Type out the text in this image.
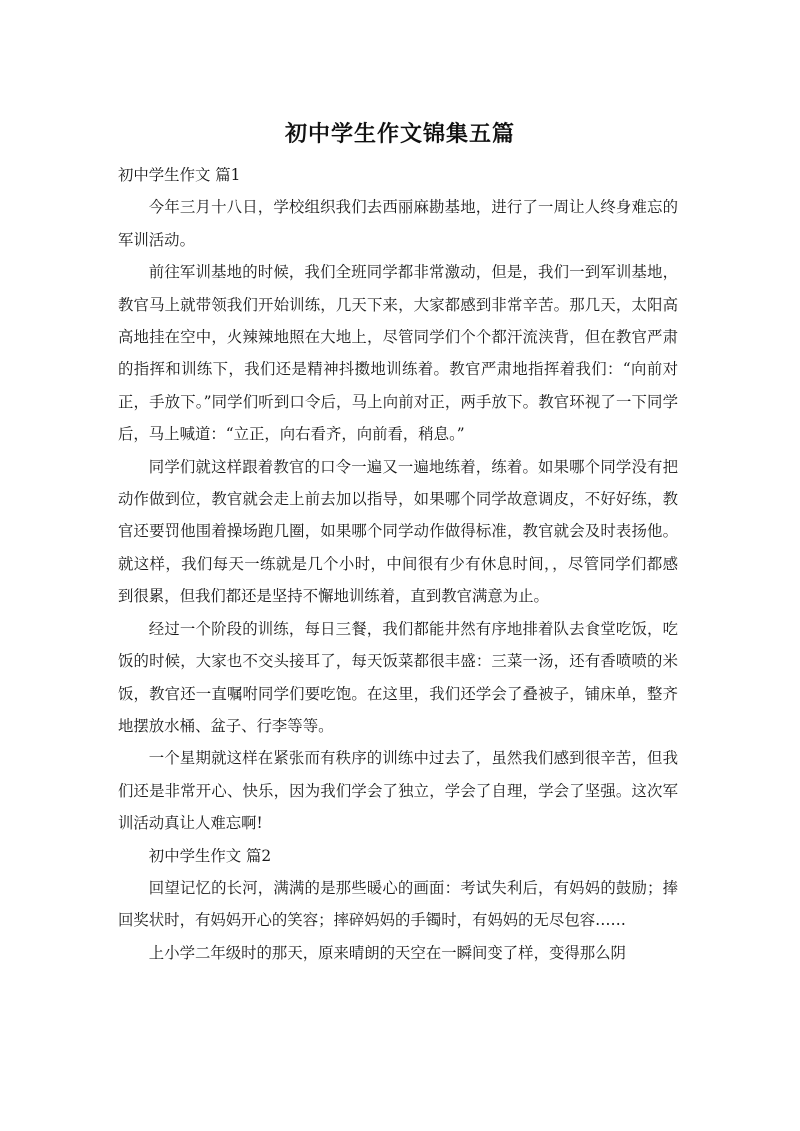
初中学生作文锦集五篇

初中学生作文 篇1

今年三月十八日，学校组织我们去西丽麻勘基地，进行了一周让人终身难忘的军训活动。

前往军训基地的时候，我们全班同学都非常激动，但是，我们一到军训基地，教官马上就带领我们开始训练，几天下来，大家都感到非常辛苦。那几天，太阳高高地挂在空中，火辣辣地照在大地上，尽管同学们个个都汗流浃背，但在教官严肃的指挥和训练下，我们还是精神抖擞地训练着。教官严肃地指挥着我们：“向前对正，手放下。”同学们听到口令后，马上向前对正，两手放下。教官环视了一下同学后，马上喊道：“立正，向右看齐，向前看，稍息。”

同学们就这样跟着教官的口令一遍又一遍地练着，练着。如果哪个同学没有把动作做到位，教官就会走上前去加以指导，如果哪个同学故意调皮，不好好练，教官还要罚他围着操场跑几圈，如果哪个同学动作做得标准，教官就会及时表扬他。就这样，我们每天一练就是几个小时，中间很有少有休息时间，，尽管同学们都感到很累，但我们都还是坚持不懈地训练着，直到教官满意为止。

经过一个阶段的训练，每日三餐，我们都能井然有序地排着队去食堂吃饭，吃饭的时候，大家也不交头接耳了，每天饭菜都很丰盛：三菜一汤，还有香喷喷的米饭，教官还一直嘱咐同学们要吃饱。在这里，我们还学会了叠被子，铺床单，整齐地摆放水桶、盆子、行李等等。

一个星期就这样在紧张而有秩序的训练中过去了，虽然我们感到很辛苦，但我们还是非常开心、快乐，因为我们学会了独立，学会了自理，学会了坚强。这次军训活动真让人难忘啊!

初中学生作文 篇2

回望记忆的长河，满满的是那些暖心的画面：考试失利后，有妈妈的鼓励；捧回奖状时，有妈妈开心的笑容；摔碎妈妈的手镯时，有妈妈的无尽包容……

上小学二年级时的那天，原来晴朗的天空在一瞬间变了样，变得那么阴
